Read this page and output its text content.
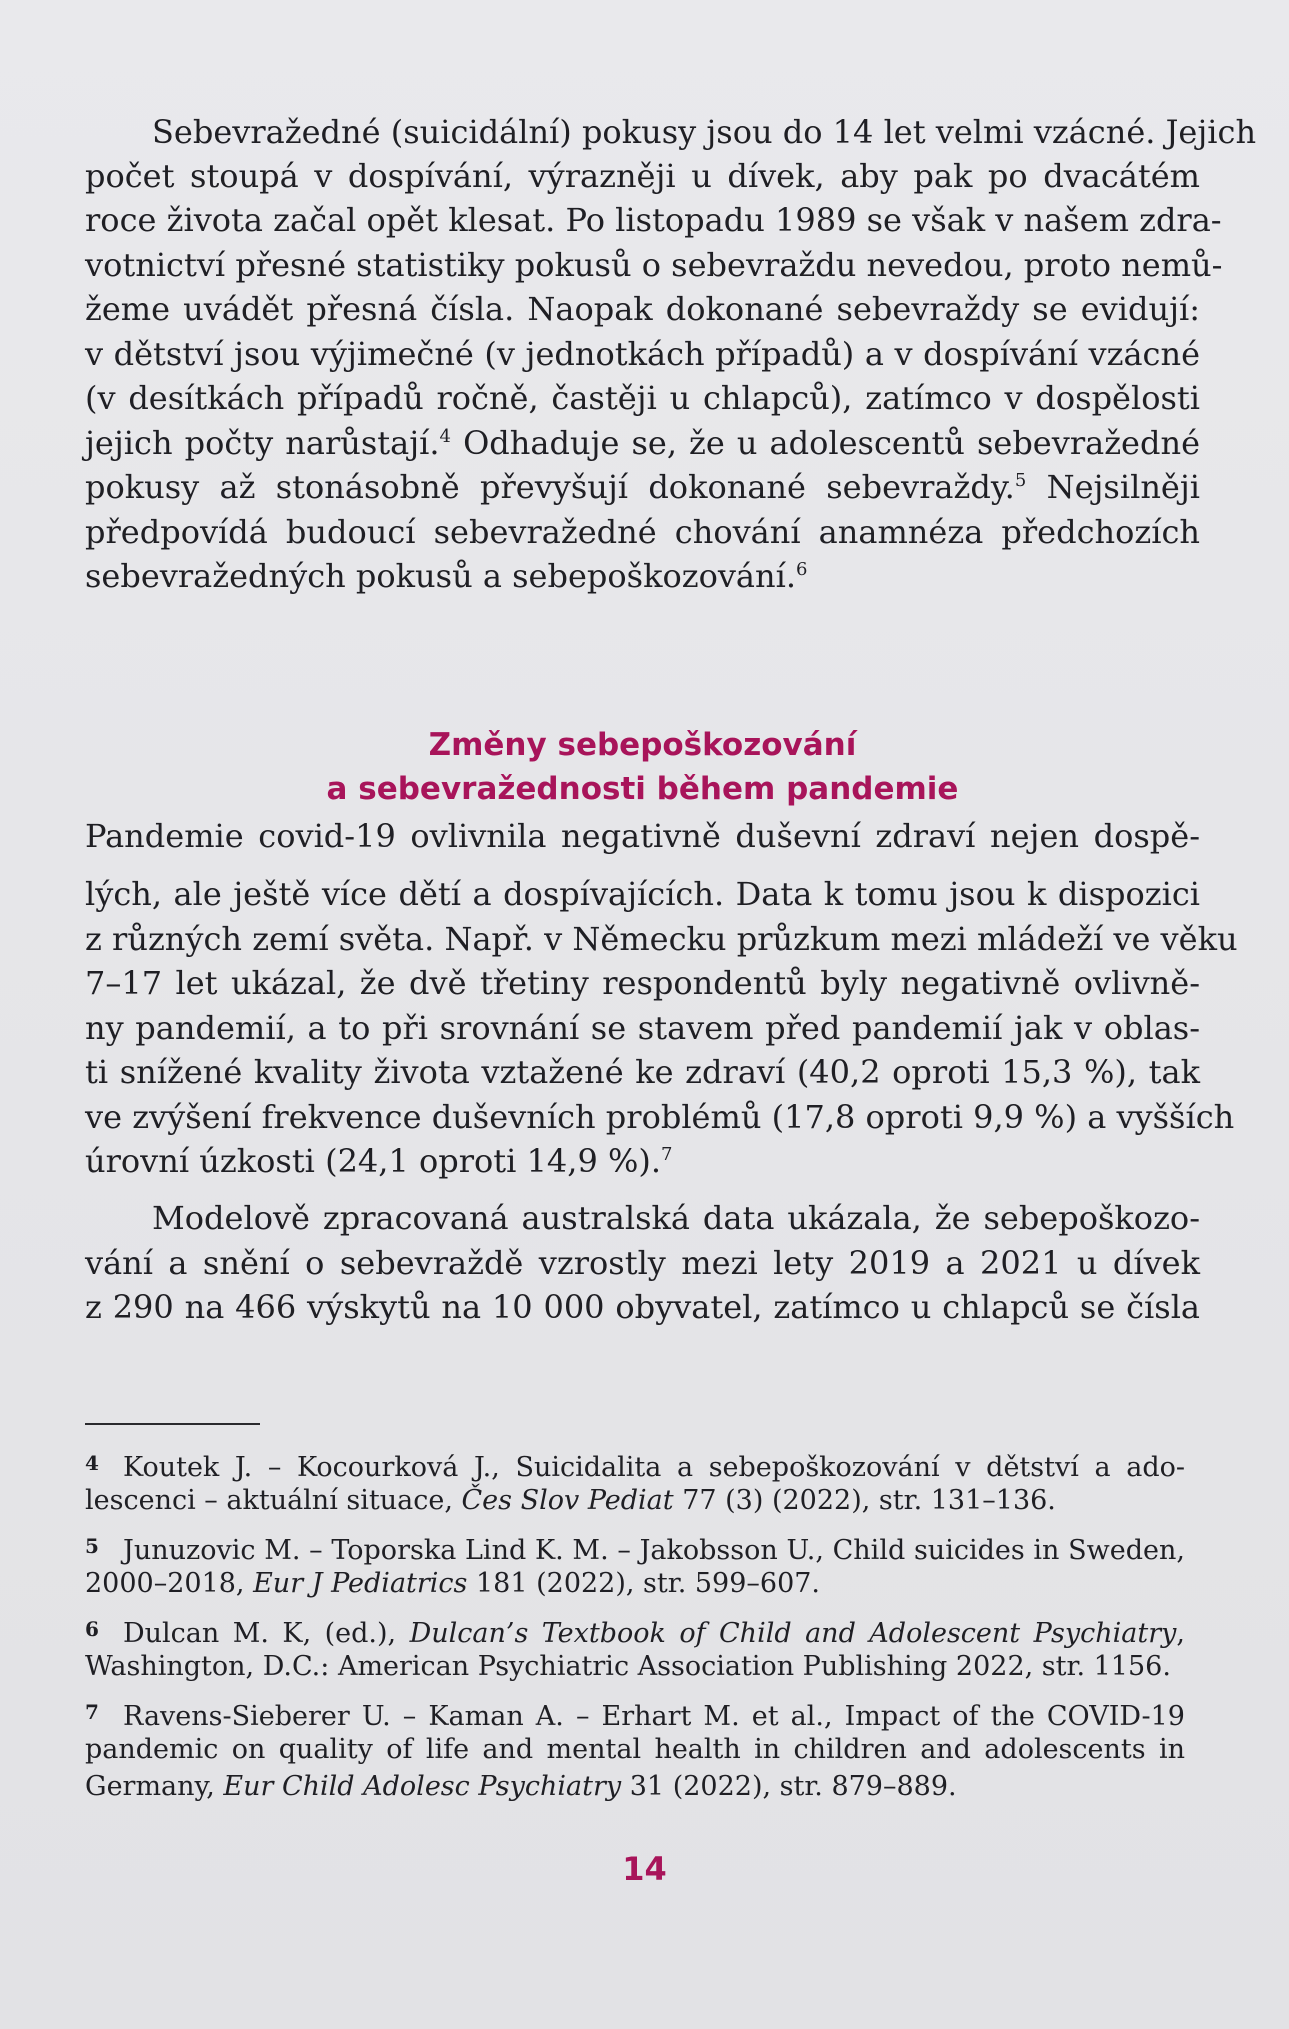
Sebevražedné (suicidální) pokusy jsou do 14 let velmi vzácné. Jejich
počet stoupá v dospívání, výrazněji u dívek, aby pak po dvacátém
roce života začal opět klesat. Po listopadu 1989 se však v našem zdra-
votnictví přesné statistiky pokusů o sebevraždu nevedou, proto nemů-
žeme uvádět přesná čísla. Naopak dokonané sebevraždy se evidují:
v dětství jsou výjimečné (v jednotkách případů) a v dospívání vzácné
(v desítkách případů ročně, častěji u chlapců), zatímco v dospělosti
jejich počty narůstají.$^4$ Odhaduje se, že u adolescentů sebevražedné
pokusy až stonásobně převyšují dokonané sebevraždy.$^5$ Nejsilněji
předpovídá budoucí sebevražedné chování anamnéza předchozích
sebevražedných pokusů a sebepoškozování.$^6$
Změny sebepoškozování
a sebevražednosti během pandemie
Pandemie covid-19 ovlivnila negativně duševní zdraví nejen dospě-
lých, ale ještě více dětí a dospívajících. Data k tomu jsou k dispozici
z různých zemí světa. Např. v Německu průzkum mezi mládeží ve věku
7–17 let ukázal, že dvě třetiny respondentů byly negativně ovlivně-
ny pandemií, a to při srovnání se stavem před pandemií jak v oblas-
ti snížené kvality života vztažené ke zdraví (40,2 oproti 15,3 %), tak
ve zvýšení frekvence duševních problémů (17,8 oproti 9,9 %) a vyšších
úrovní úzkosti (24,1 oproti 14,9 %).$^7$
Modelově zpracovaná australská data ukázala, že sebepoškozo-
vání a snění o sebevraždě vzrostly mezi lety 2019 a 2021 u dívek
z 290 na 466 výskytů na 10 000 obyvatel, zatímco u chlapců se čísla
4 Koutek J. – Kocourková J., Suicidalita a sebepoškozování v dětství a ado-
lescenci – aktuální situace, Čes Slov Pediat 77 (3) (2022), str. 131–136.
5 Junuzovic M. – Toporska Lind K. M. – Jakobsson U., Child suicides in Sweden,
2000–2018, Eur J Pediatrics 181 (2022), str. 599–607.
6 Dulcan M. K, (ed.), Dulcan’s Textbook of Child and Adolescent Psychiatry,
Washington, D.C.: American Psychiatric Association Publishing 2022, str. 1156.
7 Ravens-Sieberer U. – Kaman A. – Erhart M. et al., Impact of the COVID-19
pandemic on quality of life and mental health in children and adolescents in
Germany, Eur Child Adolesc Psychiatry 31 (2022), str. 879–889.
14
